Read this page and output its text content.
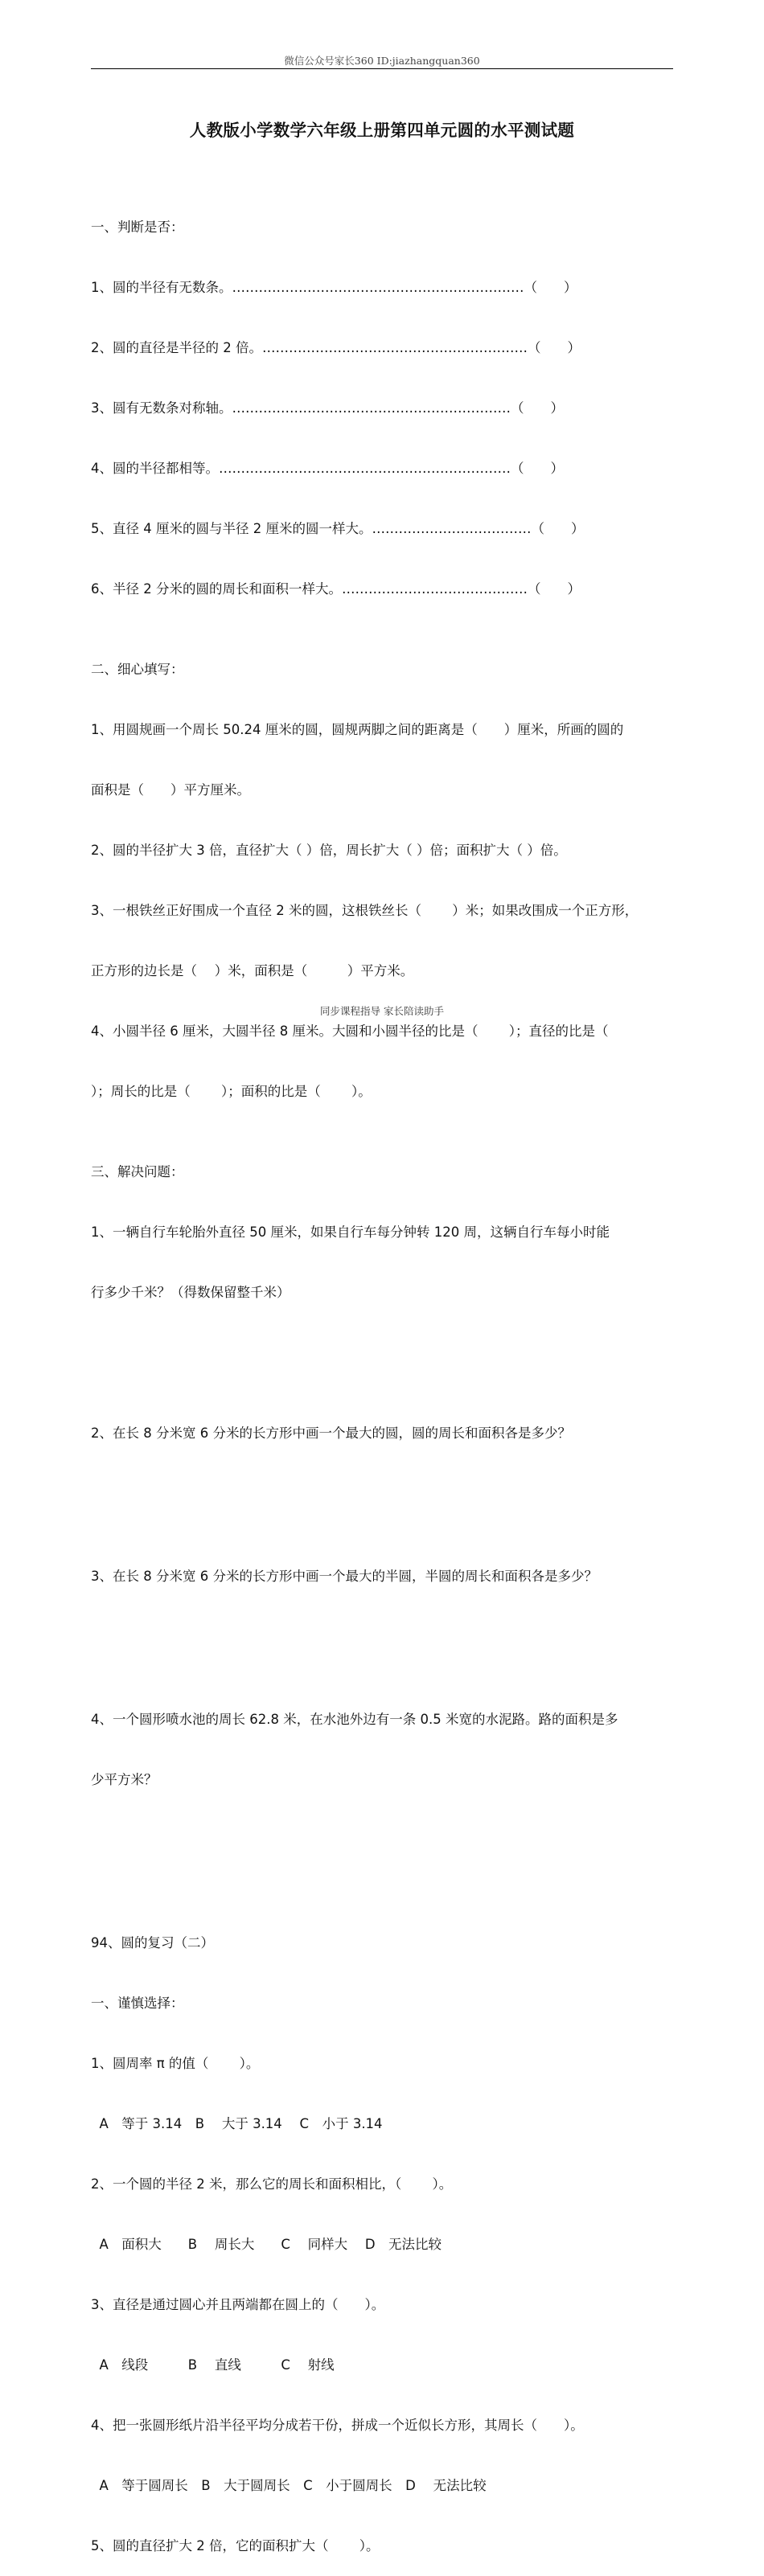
微信公众号家长360 ID:jiazhangquan360
人教版小学数学六年级上册第四单元圆的水平测试题

一、判断是否：

1、圆的半径有无数条。…………………………………………………………（　　）

2、圆的直径是半径的 2 倍。……………………………………………………（　　）

3、圆有无数条对称轴。………………………………………………………（　　）

4、圆的半径都相等。…………………………………………………………（　　）

5、直径 4 厘米的圆与半径 2 厘米的圆一样大。………………………………（　　）

6、半径 2 分米的圆的周长和面积一样大。……………………………………（　　）

二、细心填写：

1、用圆规画一个周长 50.24 厘米的圆，圆规两脚之间的距离是（　　）厘米，所画的圆的

面积是（　　）平方厘米。

2、圆的半径扩大 3 倍，直径扩大（ ）倍，周长扩大（ ）倍；面积扩大（ ）倍。

3、一根铁丝正好围成一个直径 2 米的圆，这根铁丝长（　　 ）米；如果改围成一个正方形，

正方形的边长是（　 ）米，面积是（　　　）平方米。

4、小圆半径 6 厘米，大圆半径 8 厘米。大圆和小圆半径的比是（　　 ）；直径的比是（

）；周长的比是（　　 ）；面积的比是（　　 ）。

三、解决问题：

1、一辆自行车轮胎外直径 50 厘米，如果自行车每分钟转 120 周，这辆自行车每小时能

行多少千米？（得数保留整千米）

2、在长 8 分米宽 6 分米的长方形中画一个最大的圆，圆的周长和面积各是多少？

3、在长 8 分米宽 6 分米的长方形中画一个最大的半圆，半圆的周长和面积各是多少？

4、一个圆形喷水池的周长 62.8 米，在水池外边有一条 0.5 米宽的水泥路。路的面积是多

少平方米？

94、圆的复习（二）

一、谨慎选择：

1、圆周率 π 的值（　　 ）。

A　等于 3.14　B　 大于 3.14　 C　小于 3.14

2、一个圆的半径 2 米，那么它的周长和面积相比，（　　 ）。

A　面积大　　B　 周长大　　C　 同样大　 D　无法比较

3、直径是通过圆心并且两端都在圆上的（　　）。

A　线段　　　B　 直线　　　C　 射线

4、把一张圆形纸片沿半径平均分成若干份，拼成一个近似长方形，其周长（　　）。

A　等于圆周长　B　大于圆周长　C　小于圆周长　D　 无法比较

5、圆的直径扩大 2 倍，它的面积扩大（　　 ）。

同步课程指导 家长陪读助手
